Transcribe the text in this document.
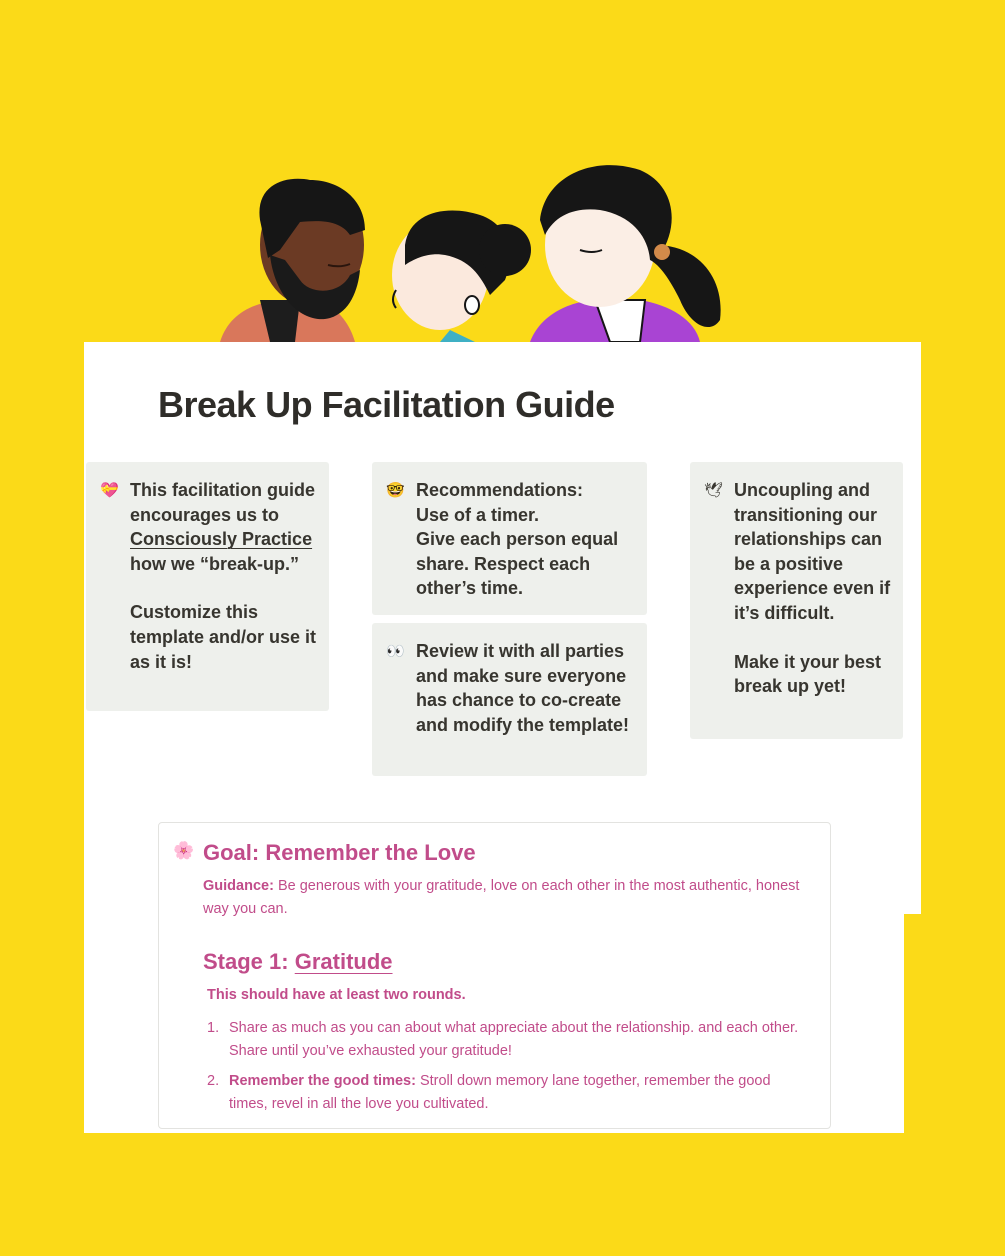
Break Up Facilitation Guide
💝 This facilitation guide encourages us to Consciously Practice how we “break-up.”

Customize this template and/or use it as it is!

🤓 Recommendations:
Use of a timer.
Give each person equal share. Respect each other’s time.
👀 Review it with all parties and make sure everyone has chance to co-create and modify the template!
🕊 Uncoupling and transitioning our relationships can be a positive experience even if it’s difficult.

Make it your best break up yet!

🌸 Goal: Remember the Love

Guidance: Be generous with your gratitude, love on each other in the most authentic, honest way you can.

Stage 1: Gratitude

This should have at least two rounds.

1. Share as much as you can about what appreciate about the relationship. and each other. Share until you’ve exhausted your gratitude!
2. Remember the good times: Stroll down memory lane together, remember the good times, revel in all the love you cultivated.
